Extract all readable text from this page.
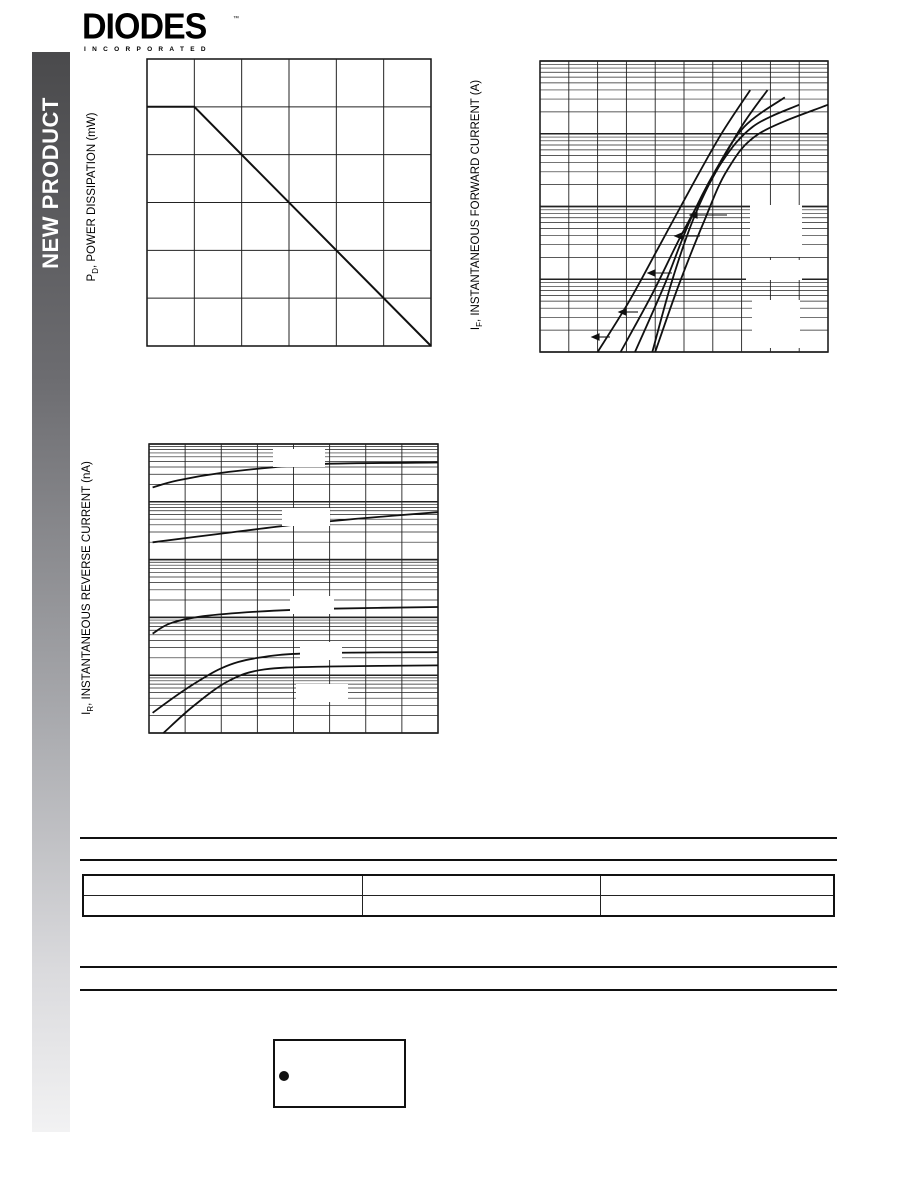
DIODES
INCORPORATED
™
NEW PRODUCT
$P_D$, POWER DISSIPATION (mW)
$I_F$, INSTANTANEOUS FORWARD CURRENT (A)
$I_R$, INSTANTANEOUS REVERSE CURRENT (nA)
